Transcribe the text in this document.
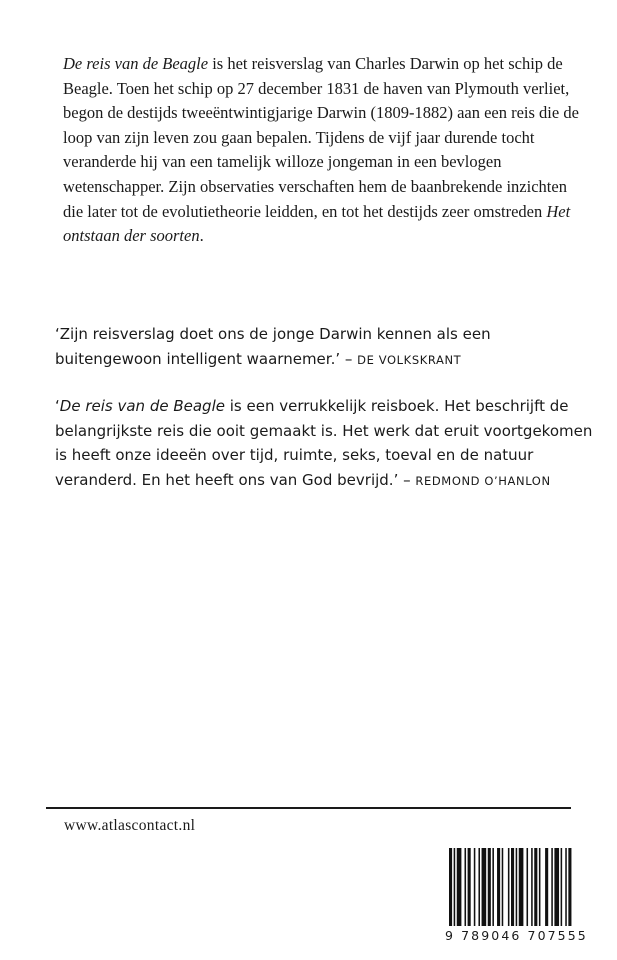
De reis van de Beagle is het reisverslag van Charles Darwin op het schip de Beagle. Toen het schip op 27 december 1831 de haven van Plymouth verliet, begon de destijds tweeëntwintigjarige Darwin (1809-1882) aan een reis die de loop van zijn leven zou gaan bepalen. Tijdens de vijf jaar durende tocht veranderde hij van een tamelijk willoze jongeman in een bevlogen wetenschapper. Zijn observaties verschaften hem de baanbrekende inzichten die later tot de evolutietheorie leidden, en tot het destijds zeer omstreden Het ontstaan der soorten.

‘Zijn reisverslag doet ons de jonge Darwin kennen als een buitengewoon intelligent waarnemer.’ – DE VOLKSKRANT

‘De reis van de Beagle is een verrukkelijk reisboek. Het beschrijft de belangrijkste reis die ooit gemaakt is. Het werk dat eruit voortgekomen is heeft onze ideeën over tijd, ruimte, seks, toeval en de natuur veranderd. En het heeft ons van God bevrijd.’ – REDMOND O’HANLON

www.atlascontact.nl
9 789046 707555
